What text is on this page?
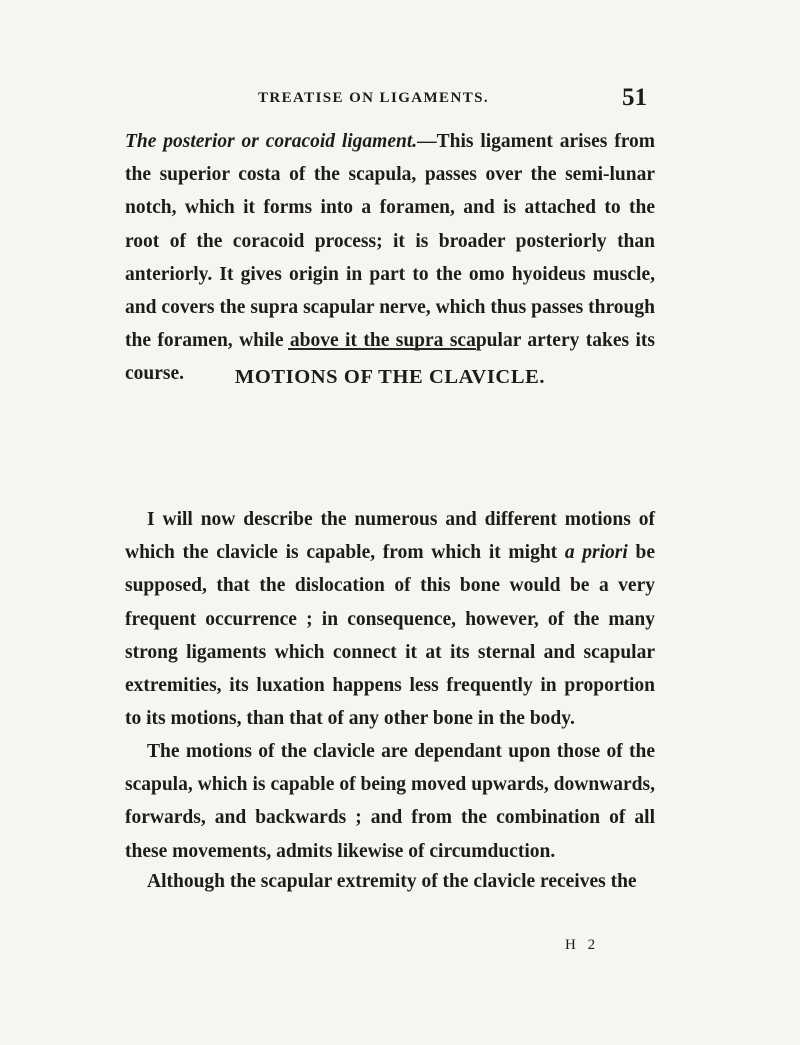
TREATISE ON LIGAMENTS.	51

The posterior or coracoid ligament.—This ligament arises from the superior costa of the scapula, passes over the semi-lunar notch, which it forms into a foramen, and is attached to the root of the coracoid process; it is broader posteriorly than anteriorly. It gives origin in part to the omo hyoideus muscle, and covers the supra scapular nerve, which thus passes through the foramen, while above it the supra scapular artery takes its course.	MOTIONS OF THE CLAVICLE.

I will now describe the numerous and different motions of which the clavicle is capable, from which it might a priori be supposed, that the dislocation of this bone would be a very frequent occurrence ; in consequence, however, of the many strong ligaments which connect it at its sternal and scapular extremities, its luxation happens less frequently in proportion to its motions, than that of any other bone in the body.

The motions of the clavicle are dependant upon those of the scapula, which is capable of being moved upwards, downwards, forwards, and backwards ; and from the combination of all these movements, admits likewise of circumduction.

Although the scapular extremity of the clavicle receives the

H 2
